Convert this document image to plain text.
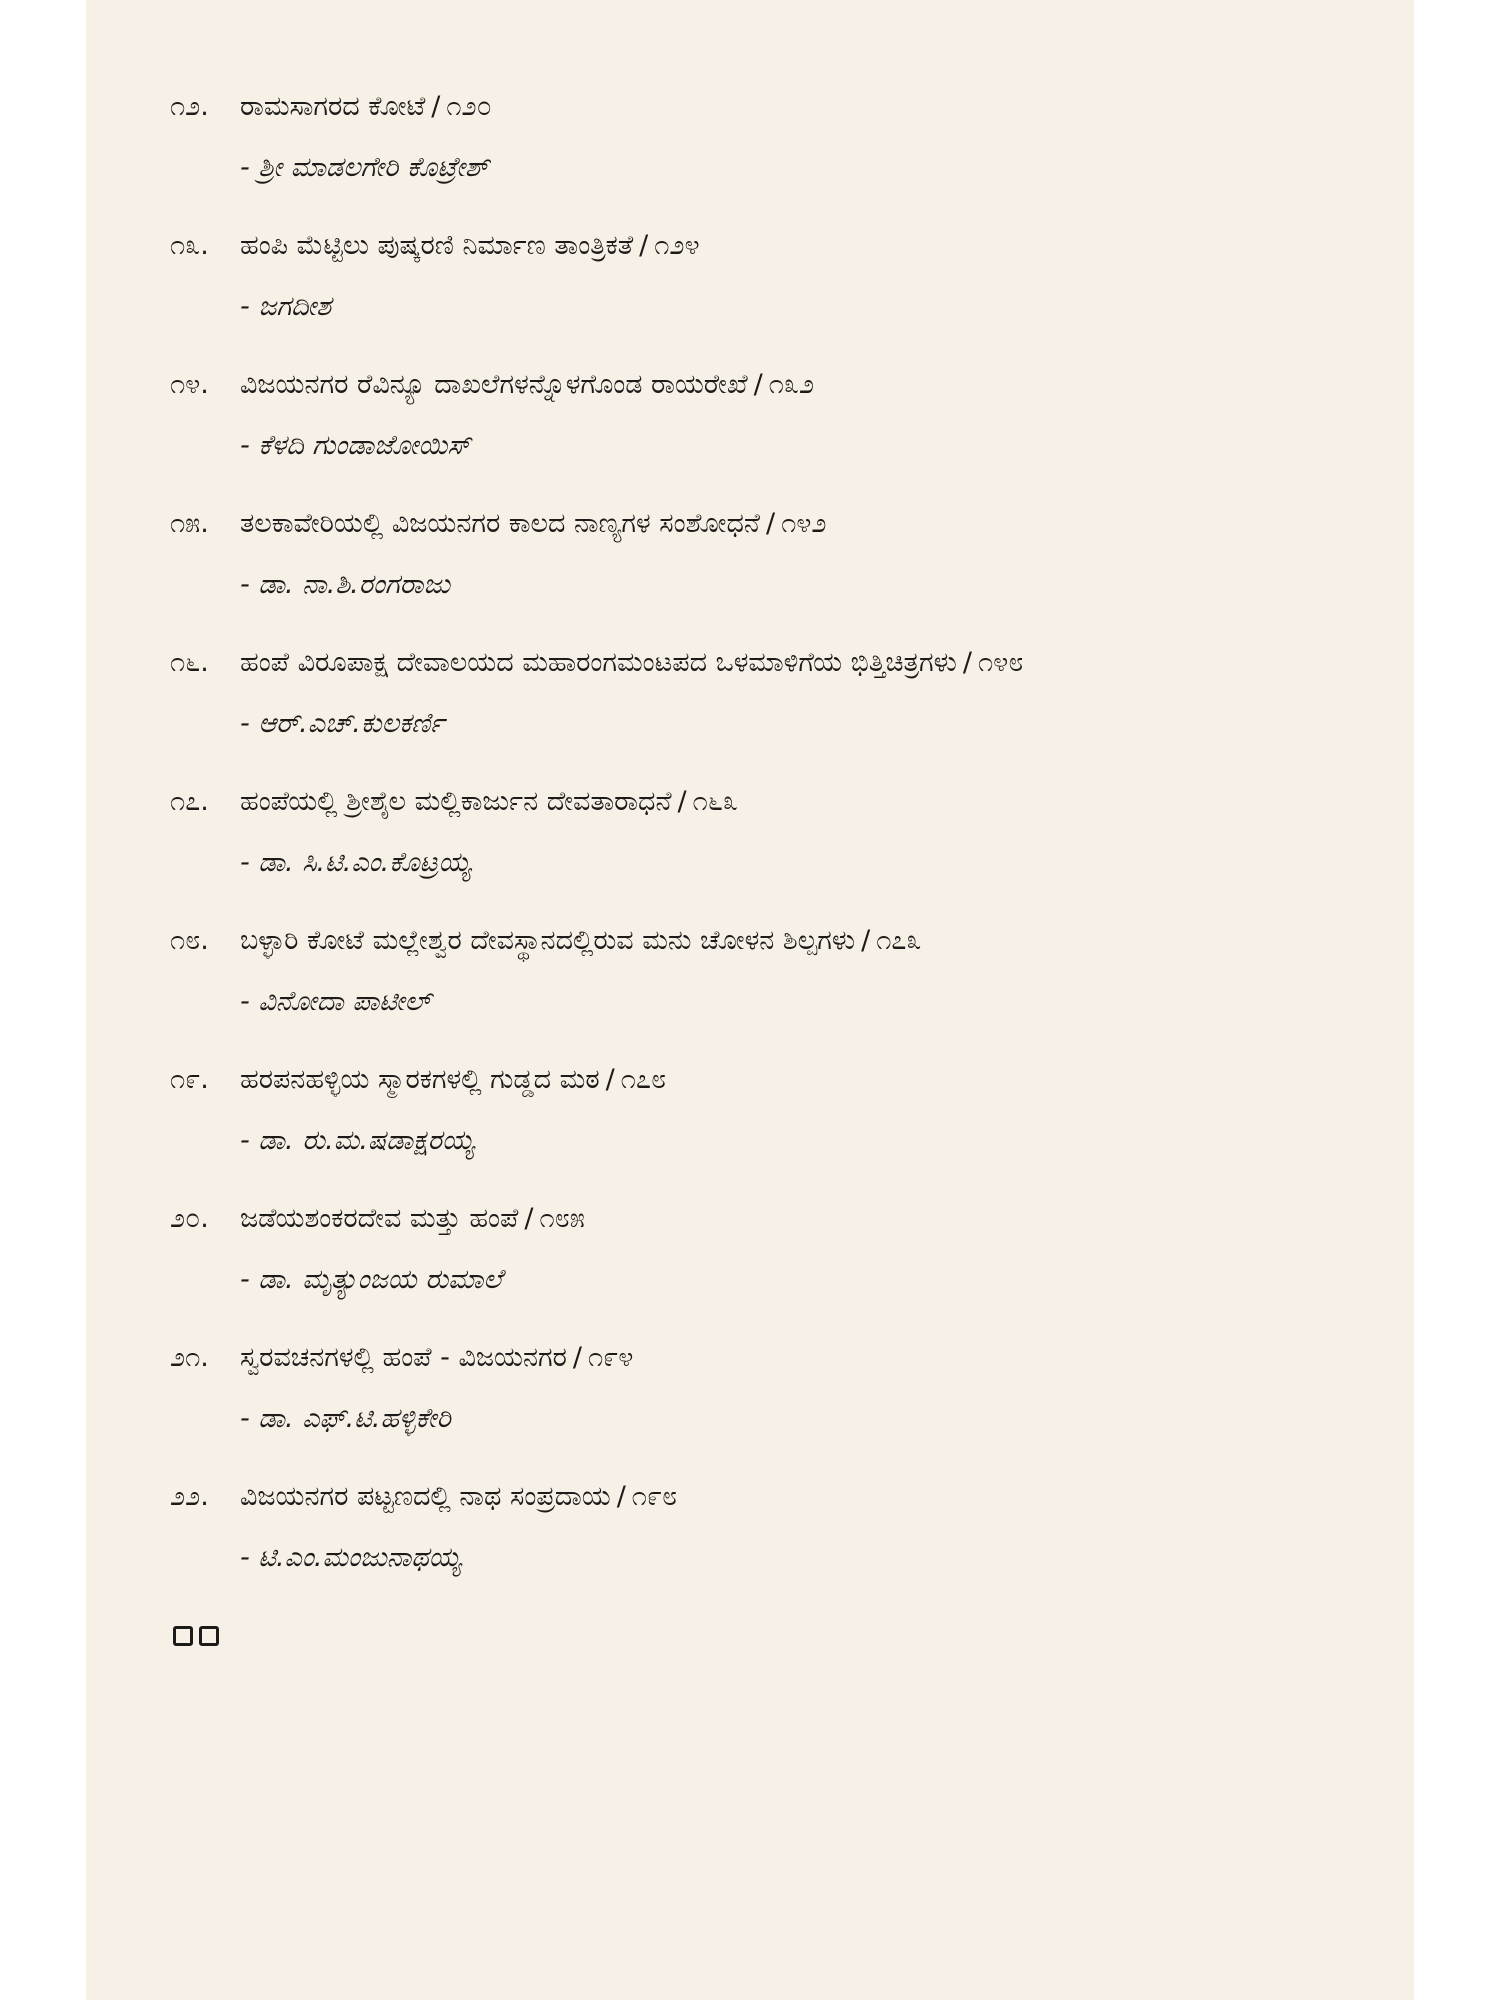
೧೨.	ರಾಮಸಾಗರದ ಕೋಟೆ / ೧೨೦
- ಶ್ರೀ ಮಾಡಲಗೇರಿ ಕೊಟ್ರೇಶ್
೧೩.	ಹಂಪಿ ಮೆಟ್ಟಿಲು ಪುಷ್ಕರಣಿ ನಿರ್ಮಾಣ ತಾಂತ್ರಿಕತೆ / ೧೨೪
- ಜಗದೀಶ
೧೪.	ವಿಜಯನಗರ ರೆವಿನ್ಯೂ ದಾಖಲೆಗಳನ್ನೊಳಗೊಂಡ ರಾಯರೇಖೆ / ೧೩೨
- ಕೆಳದಿ ಗುಂಡಾಜೋಯಿಸ್
೧೫.	ತಲಕಾವೇರಿಯಲ್ಲಿ ವಿಜಯನಗರ ಕಾಲದ ನಾಣ್ಯಗಳ ಸಂಶೋಧನೆ / ೧೪೨
- ಡಾ. ನಾ.ಶಿ.ರಂಗರಾಜು
೧೬.	ಹಂಪೆ ವಿರೂಪಾಕ್ಷ ದೇವಾಲಯದ ಮಹಾರಂಗಮಂಟಪದ ಒಳಮಾಳಿಗೆಯ ಭಿತ್ತಿಚಿತ್ರಗಳು / ೧೪೮
- ಆರ್.ಎಚ್.ಕುಲಕರ್ಣಿ
೧೭.	ಹಂಪೆಯಲ್ಲಿ ಶ್ರೀಶೈಲ ಮಲ್ಲಿಕಾರ್ಜುನ ದೇವತಾರಾಧನೆ / ೧೬೩
- ಡಾ. ಸಿ.ಟಿ.ಎಂ.ಕೊಟ್ರಯ್ಯ
೧೮.	ಬಳ್ಳಾರಿ ಕೋಟೆ ಮಲ್ಲೇಶ್ವರ ದೇವಸ್ಥಾನದಲ್ಲಿರುವ ಮನು ಚೋಳನ ಶಿಲ್ಪಗಳು / ೧೭೩
- ವಿನೋದಾ ಪಾಟೀಲ್
೧೯.	ಹರಪನಹಳ್ಳಿಯ ಸ್ಮಾರಕಗಳಲ್ಲಿ ಗುಡ್ಡದ ಮಠ / ೧೭೮
- ಡಾ. ರು.ಮ.ಷಡಾಕ್ಷರಯ್ಯ
೨೦.	ಜಡೆಯಶಂಕರದೇವ ಮತ್ತು ಹಂಪೆ / ೧೮೫
- ಡಾ. ಮೃತ್ಯುಂಜಯ ರುಮಾಲೆ
೨೧.	ಸ್ವರವಚನಗಳಲ್ಲಿ ಹಂಪೆ - ವಿಜಯನಗರ / ೧೯೪
- ಡಾ. ಎಫ್.ಟಿ.ಹಳ್ಳಿಕೇರಿ
೨೨.	ವಿಜಯನಗರ ಪಟ್ಟಣದಲ್ಲಿ ನಾಥ ಸಂಪ್ರದಾಯ / ೧೯೮
- ಟಿ.ಎಂ.ಮಂಜುನಾಥಯ್ಯ
